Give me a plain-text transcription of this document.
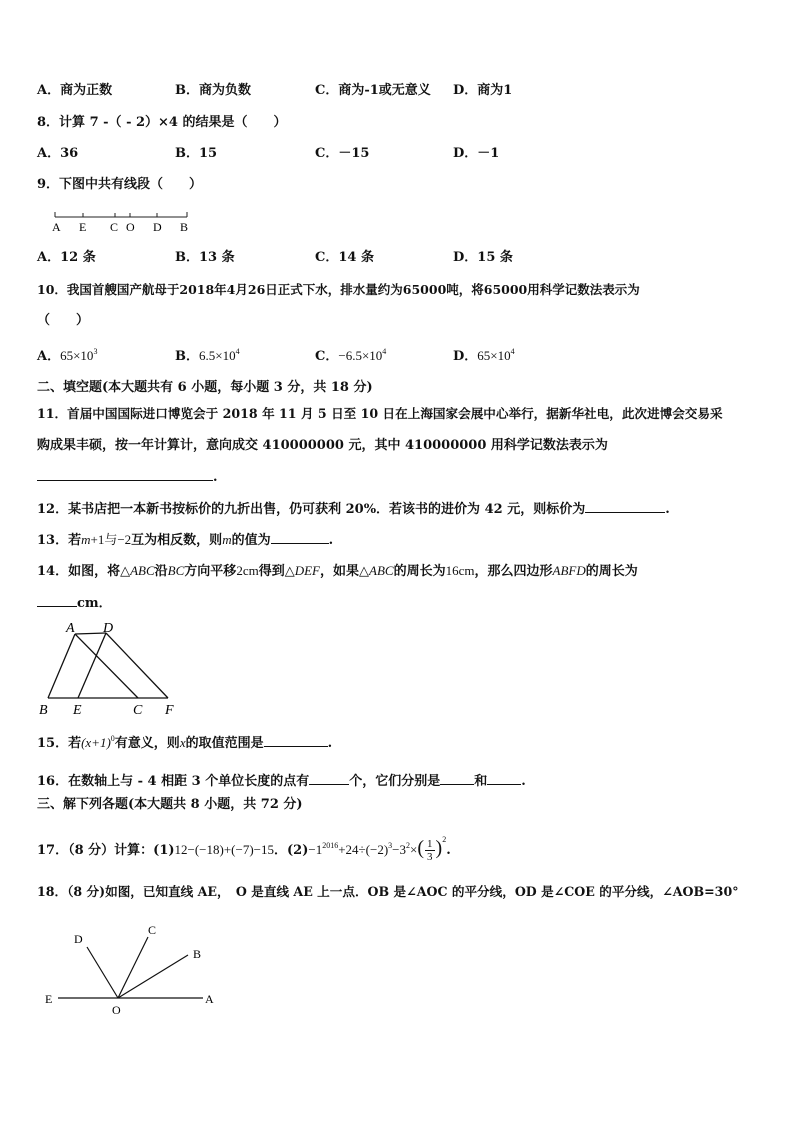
A．商为正数	B．商为负数	C．商为-1或无意义 D．商为1
8．计算 7 -（ - 2）×4 的结果是（　　）
A．36	B．15	C．－15	D．－1
9．下图中共有线段（　　）
A E C O D B
A．12 条	B．13 条	C．14 条	D．15 条
10．我国首艘国产航母于2018年4月26日正式下水，排水量约为65000吨，将65000用科学记数法表示为
（　　）
A．$65\times 10^3$	B．$6.5\times 10^4$	C．$-6.5\times 10^4$	D．$65\times 10^4$
二、填空题(本大题共有 6 小题，每小题 3 分，共 18 分)
11．首届中国国际进口博览会于 2018 年 11 月 5 日至 10 日在上海国家会展中心举行，据新华社电，此次进博会交易采
购成果丰硕，按一年计算计，意向成交 410000000 元，其中 410000000 用科学记数法表示为
.
12．某书店把一本新书按标价的九折出售，仍可获利 20%．若该书的进价为 42 元，则标价为	.
13．若m+1与−2互为相反数，则m的值为	.
14．如图，将△ABC沿BC方向平移2cm得到△DEF，如果△ABC的周长为16cm，那么四边形ABFD的周长为
cm．
A D
B E	C F
15．若$(x+1)^0$有意义，则x的取值范围是	.
16．在数轴上与 - 4 相距 3 个单位长度的点有	个，它们分别是	和	.
三、解下列各题(本大题共 8 小题，共 72 分)
17．（8 分）计算：(1)12−(−18)+(−7)−15．$(2)-1^{2016}+24\div(-2)^3-3^2\times( \frac{1}{3} )^2$.
18．（8 分)如图，已知直线 AE，　O 是直线 AE 上一点．OB 是∠AOC 的平分线，OD 是∠COE 的平分线，∠AOB=30°
D
C
B
E
O
A
